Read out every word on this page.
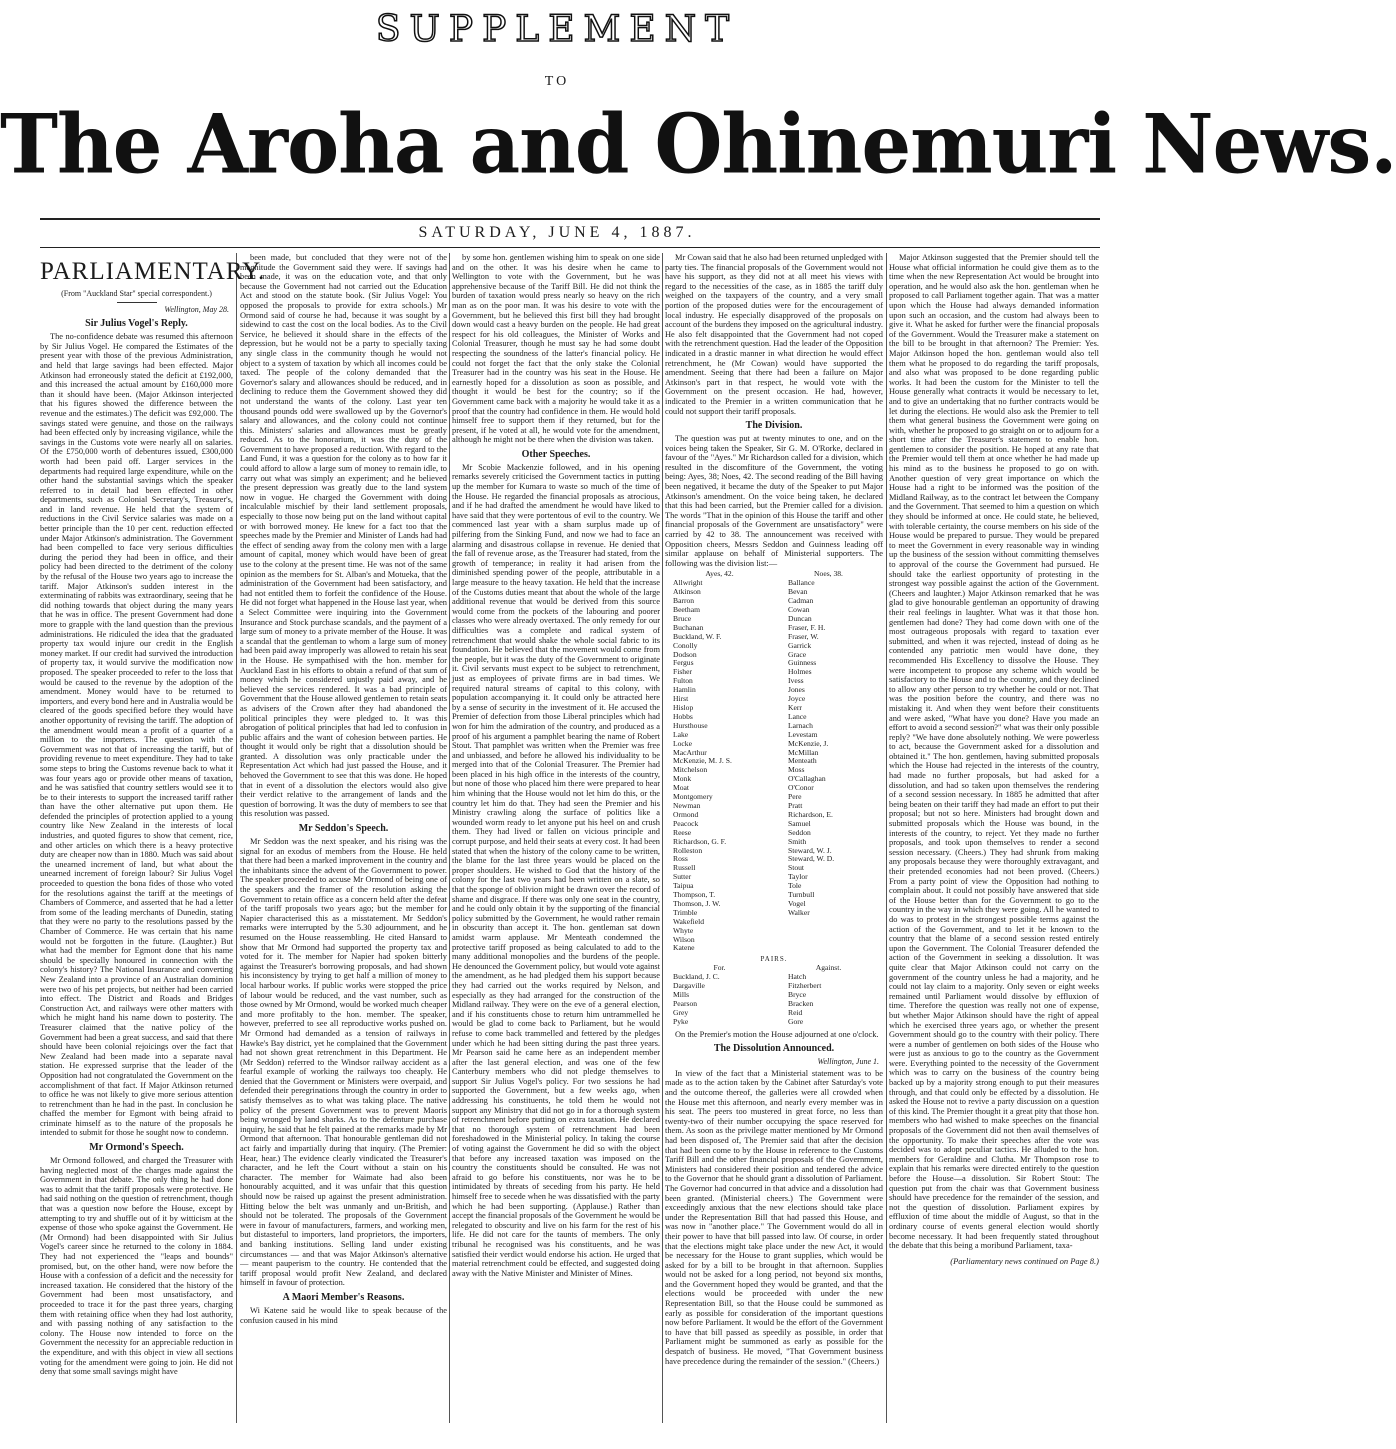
SUPPLEMENT
TO
The Aroha and Ohinemuri News.
SATURDAY, JUNE 4, 1887.
PARLIAMENTARY.
(From "Auckland Star" special correspondent.)
Wellington, May 28.
Sir Julius Vogel's Reply.

The no-confidence debate was resumed this afternoon by Sir Julius Vogel. He compared the Estimates of the present year with those of the previous Administration, and held that large savings had been effected. Major Atkinson had erroneously stated the deficit at £192,000, and this increased the actual amount by £160,000 more than it should have been. (Major Atkinson interjected that his figures showed the difference between the revenue and the estimates.) The deficit was £92,000. The savings stated were genuine, and those on the railways had been effected only by increasing vigilance, while the savings in the Customs vote were nearly all on salaries. Of the £750,000 worth of debentures issued, £300,000 worth had been paid off. Larger services in the departments had required large expenditure, while on the other hand the substantial savings which the speaker referred to in detail had been effected in other departments, such as Colonial Secretary's, Treasurer's, and in land revenue. He held that the system of reductions in the Civil Service salaries was made on a better principle than the 10 per cent. reduction effected under Major Atkinson's administration. The Government had been compelled to face very serious difficulties during the period they had been in office, and their policy had been directed to the detriment of the colony by the refusal of the House two years ago to increase the tariff. Major Atkinson's sudden interest in the exterminating of rabbits was extraordinary, seeing that he did nothing towards that object during the many years that he was in office. The present Government had done more to grapple with the land question than the previous administrations. He ridiculed the idea that the graduated property tax would injure our credit in the English money market. If our credit had survived the introduction of property tax, it would survive the modification now proposed. The speaker proceeded to refer to the loss that would be caused to the revenue by the adoption of the amendment. Money would have to be returned to importers, and every bond here and in Australia would be cleared of the goods specified before they would have another opportunity of revising the tariff. The adoption of the amendment would mean a profit of a quarter of a million to the importers. The question with the Government was not that of increasing the tariff, but of providing revenue to meet expenditure. They had to take some steps to bring the Customs revenue back to what it was four years ago or provide other means of taxation, and he was satisfied that country settlers would see it to be to their interests to support the increased tariff rather than have the other alternative put upon them. He defended the principles of protection applied to a young country like New Zealand in the interests of local industries, and quoted figures to show that cement, rice, and other articles on which there is a heavy protective duty are cheaper now than in 1880. Much was said about the unearned increment of land, but what about the unearned increment of foreign labour? Sir Julius Vogel proceeded to question the bona fides of those who voted for the resolutions against the tariff at the meetings of Chambers of Commerce, and asserted that he had a letter from some of the leading merchants of Dunedin, stating that they were no party to the resolutions passed by the Chamber of Commerce. He was certain that his name would not be forgotten in the future. (Laughter.) But what had the member for Egmont done that his name should be specially honoured in connection with the colony's history? The National Insurance and converting New Zealand into a province of an Australian dominion were two of his pet projects, but neither had been carried into effect. The District and Roads and Bridges Construction Act, and railways were other matters with which he might hand his name down to posterity. The Treasurer claimed that the native policy of the Government had been a great success, and said that there should have been colonial rejoicings over the fact that New Zealand had been made into a separate naval station. He expressed surprise that the leader of the Opposition had not congratulated the Government on the accomplishment of that fact. If Major Atkinson returned to office he was not likely to give more serious attention to retrenchment than he had in the past. In conclusion he chaffed the member for Egmont with being afraid to criminate himself as to the nature of the proposals he intended to submit for those he sought now to condemn.

Mr Ormond's Speech.

Mr Ormond followed, and charged the Treasurer with having neglected most of the charges made against the Government in that debate. The only thing he had done was to admit that the tariff proposals were protective. He had said nothing on the question of retrenchment, though that was a question now before the House, except by attempting to try and shuffle out of it by witticism at the expense of those who spoke against the Government. He (Mr Ormond) had been disappointed with Sir Julius Vogel's career since he returned to the colony in 1884. They had not experienced the "leaps and bounds" promised, but, on the other hand, were now before the House with a confession of a deficit and the necessity for increased taxation. He considered that the history of the Government had been most unsatisfactory, and proceeded to trace it for the past three years, charging them with retaining office when they had lost authority, and with passing nothing of any satisfaction to the colony. The House now intended to force on the Government the necessity for an appreciable reduction in the expenditure, and with this object in view all sections voting for the amendment were going to join. He did not deny that some small savings might have

been made, but concluded that they were not of the magnitude the Government said they were. If savings had been made, it was on the education vote, and that only because the Government had not carried out the Education Act and stood on the statute book. (Sir Julius Vogel: You opposed the proposals to provide for extra schools.) Mr Ormond said of course he had, because it was sought by a sidewind to cast the cost on the local bodies. As to the Civil Service, he believed it should share in the effects of the depression, but he would not be a party to specially taxing any single class in the community though he would not object to a system of taxation by which all incomes could be taxed. The people of the colony demanded that the Governor's salary and allowances should be reduced, and in declining to reduce them the Government showed they did not understand the wants of the colony. Last year ten thousand pounds odd were swallowed up by the Governor's salary and allowances, and the colony could not continue this. Ministers' salaries and allowances must be greatly reduced. As to the honorarium, it was the duty of the Government to have proposed a reduction. With regard to the Land Fund, it was a question for the colony as to how far it could afford to allow a large sum of money to remain idle, to carry out what was simply an experiment; and he believed the present depression was greatly due to the land system now in vogue. He charged the Government with doing incalculable mischief by their land settlement proposals, especially to those now being put on the land without capital or with borrowed money. He knew for a fact too that the speeches made by the Premier and Minister of Lands had had the effect of sending away from the colony men with a large amount of capital, money which would have been of great use to the colony at the present time. He was not of the same opinion as the members for St. Alban's and Motueka, that the administration of the Government had been satisfactory, and had not entitled them to forfeit the confidence of the House. He did not forget what happened in the House last year, when a Select Committee were inquiring into the Government Insurance and Stock purchase scandals, and the payment of a large sum of money to a private member of the House. It was a scandal that the gentleman to whom a large sum of money had been paid away improperly was allowed to retain his seat in the House. He sympathised with the hon. member for Auckland East in his efforts to obtain a refund of that sum of money which he considered unjustly paid away, and he believed the services rendered. It was a bad principle of Government that the House allowed gentlemen to retain seats as advisers of the Crown after they had abandoned the political principles they were pledged to. It was this abrogation of political principles that had led to confusion in public affairs and the want of cohesion between parties. He thought it would only be right that a dissolution should be granted. A dissolution was only practicable under the Representation Act which had just passed the House, and it behoved the Government to see that this was done. He hoped that in event of a dissolution the electors would also give their verdict relative to the arrangement of lands and the question of borrowing. It was the duty of members to see that this resolution was passed.

Mr Seddon's Speech.

Mr Seddon was the next speaker, and his rising was the signal for an exodus of members from the House. He held that there had been a marked improvement in the country and the inhabitants since the advent of the Government to power. The speaker proceeded to accuse Mr Ormond of being one of the speakers and the framer of the resolution asking the Government to retain office as a concern held after the defeat of the tariff proposals two years ago; but the member for Napier characterised this as a misstatement. Mr Seddon's remarks were interrupted by the 5.30 adjournment, and he resumed on the House reassembling. He cited Hansard to show that Mr Ormond had supported the property tax and voted for it. The member for Napier had spoken bitterly against the Treasurer's borrowing proposals, and had shown his inconsistency by trying to get half a million of money to local harbour works. If public works were stopped the price of labour would be reduced, and the vast number, such as those owned by Mr Ormond, would be worked much cheaper and more profitably to the hon. member. The speaker, however, preferred to see all reproductive works pushed on. Mr Ormond had demanded as a tension of railways in Hawke's Bay district, yet he complained that the Government had not shown great retrenchment in this Department. He (Mr Seddon) referred to the Windsor railway accident as a fearful example of working the railways too cheaply. He denied that the Government or Ministers were overpaid, and defended their peregrinations through the country in order to satisfy themselves as to what was taking place. The native policy of the present Government was to prevent Maoris being wronged by land sharks. As to the defenture purchase inquiry, he said that he felt pained at the remarks made by Mr Ormond that afternoon. That honourable gentleman did not act fairly and impartially during that inquiry. (The Premier: Hear, hear.) The evidence clearly vindicated the Treasurer's character, and he left the Court without a stain on his character. The member for Waimate had also been honourably acquitted, and it was unfair that this question should now be raised up against the present administration. Hitting below the belt was unmanly and un-British, and should not be tolerated. The proposals of the Government were in favour of manufacturers, farmers, and working men, but distasteful to importers, land proprietors, the importers, and banking institutions. Selling land under existing circumstances — and that was Major Atkinson's alternative — meant pauperism to the country. He contended that the tariff proposal would profit New Zealand, and declared himself in favour of protection.

A Maori Member's Reasons.

Wi Katene said he would like to speak because of the confusion caused in his mind

by some hon. gentlemen wishing him to speak on one side and on the other. It was his desire when he came to Wellington to vote with the Government, but he was apprehensive because of the Tariff Bill. He did not think the burden of taxation would press nearly so heavy on the rich man as on the poor man. It was his desire to vote with the Government, but he believed this first bill they had brought down would cast a heavy burden on the people. He had great respect for his old colleagues, the Minister of Works and Colonial Treasurer, though he must say he had some doubt respecting the soundness of the latter's financial policy. He could not forget the fact that the only stake the Colonial Treasurer had in the country was his seat in the House. He earnestly hoped for a dissolution as soon as possible, and thought it would be best for the country; so if the Government came back with a majority he would take it as a proof that the country had confidence in them. He would hold himself free to support them if they returned, but for the present, if he voted at all, he would vote for the amendment, although he might not be there when the division was taken.

Other Speeches.

Mr Scobie Mackenzie followed, and in his opening remarks severely criticised the Government tactics in putting up the member for Kumara to waste so much of the time of the House. He regarded the financial proposals as atrocious, and if he had drafted the amendment he would have liked to have said that they were portentous of evil to the country. We commenced last year with a sham surplus made up of pilfering from the Sinking Fund, and now we had to face an alarming and disastrous collapse in revenue. He denied that the fall of revenue arose, as the Treasurer had stated, from the growth of temperance; in reality it had arisen from the diminished spending power of the people, attributable in a large measure to the heavy taxation. He held that the increase of the Customs duties meant that about the whole of the large additional revenue that would be derived from this source would come from the pockets of the labouring and poorer classes who were already overtaxed. The only remedy for our difficulties was a complete and radical system of retrenchment that would shake the whole social fabric to its foundation. He believed that the movement would come from the people, but it was the duty of the Government to originate it. Civil servants must expect to be subject to retrenchment, just as employees of private firms are in bad times. We required natural streams of capital to this colony, with population accompanying it. It could only be attracted here by a sense of security in the investment of it. He accused the Premier of defection from those Liberal principles which had won for him the admiration of the country, and produced as a proof of his argument a pamphlet bearing the name of Robert Stout. That pamphlet was written when the Premier was free and unbiassed, and before he allowed his individuality to be merged into that of the Colonial Treasurer. The Premier had been placed in his high office in the interests of the country, but none of those who placed him there were prepared to hear him whining that the House would not let him do this, or the country let him do that. They had seen the Premier and his Ministry crawling along the surface of politics like a wounded worm ready to let anyone put his heel on and crush them. They had lived or fallen on vicious principle and corrupt purpose, and held their seats at every cost. It had been stated that when the history of the colony came to be written, the blame for the last three years would be placed on the proper shoulders. He wished to God that the history of the colony for the last two years had been written on a slate, so that the sponge of oblivion might be drawn over the record of shame and disgrace. If there was only one seat in the country, and he could only obtain it by the supporting of the financial policy submitted by the Government, he would rather remain in obscurity than accept it. The hon. gentleman sat down amidst warm applause. Mr Menteath condemned the protective tariff proposed as being calculated to add to the many additional monopolies and the burdens of the people. He denounced the Government policy, but would vote against the amendment, as he had pledged them his support because they had carried out the works required by Nelson, and especially as they had arranged for the construction of the Midland railway. They were on the eve of a general election, and if his constituents chose to return him untrammelled he would be glad to come back to Parliament, but he would refuse to come back trammelled and fettered by the pledges under which he had been sitting during the past three years. Mr Pearson said he came here as an independent member after the last general election, and was one of the few Canterbury members who did not pledge themselves to support Sir Julius Vogel's policy. For two sessions he had supported the Government, but a few weeks ago, when addressing his constituents, he told them he would not support any Ministry that did not go in for a thorough system of retrenchment before putting on extra taxation. He declared that no thorough system of retrenchment had been foreshadowed in the Ministerial policy. In taking the course of voting against the Government he did so with the object that before any increased taxation was imposed on the country the constituents should be consulted. He was not afraid to go before his constituents, nor was he to be intimidated by threats of seceding from his party. He held himself free to secede when he was dissatisfied with the party which he had been supporting. (Applause.) Rather than accept the financial proposals of the Government he would be relegated to obscurity and live on his farm for the rest of his life. He did not care for the taunts of members. The only tribunal he recognised was his constituents, and he was satisfied their verdict would endorse his action. He urged that material retrenchment could be effected, and suggested doing away with the Native Minister and Minister of Mines.

Mr Cowan said that he also had been returned unpledged with party ties. The financial proposals of the Government would not have his support, as they did not at all meet his views with regard to the necessities of the case, as in 1885 the tariff duly weighed on the taxpayers of the country, and a very small portion of the proposed duties were for the encouragement of local industry. He especially disapproved of the proposals on account of the burdens they imposed on the agricultural industry. He also felt disappointed that the Government had not coped with the retrenchment question. Had the leader of the Opposition indicated in a drastic manner in what direction he would effect retrenchment, he (Mr Cowan) would have supported the amendment. Seeing that there had been a failure on Major Atkinson's part in that respect, he would vote with the Government on the present occasion. He had, however, indicated to the Premier in a written communication that he could not support their tariff proposals.

The Division.

The question was put at twenty minutes to one, and on the voices being taken the Speaker, Sir G. M. O'Rorke, declared in favour of the "Ayes." Mr Richardson called for a division, which resulted in the discomfiture of the Government, the voting being: Ayes, 38; Noes, 42. The second reading of the Bill having been negatived, it became the duty of the Speaker to put Major Atkinson's amendment. On the voice being taken, he declared that this had been carried, but the Premier called for a division. The words "That in the opinion of this House the tariff and other financial proposals of the Government are unsatisfactory" were carried by 42 to 38. The announcement was received with Opposition cheers, Messrs Seddon and Guinness leading off similar applause on behalf of Ministerial supporters. The following was the division list:—

Ayes, 42.	Noes, 38.
Allwright	Ballance
Atkinson	Bevan
Barron	Cadman
Beetham	Cowan
Bruce	Duncan
Buchanan	Fraser, F. H.
Buckland, W. F.	Fraser, W.
Conolly	Garrick
Dodson	Grace
Fergus	Guinness
Fisher	Holmes
Fulton	Ivess
Hamlin	Jones
Hirst	Joyce
Hislop	Kerr
Hobbs	Lance
Hursthouse	Larnach
Lake	Levestam
Locke	McKenzie, J.
MacArthur	McMillan
McKenzie, M. J. S.	Menteath
Mitchelson	Moss
Monk	O'Callaghan
Moat	O'Conor
Montgomery	Pere
Newman	Pratt
Ormond	Richardson, E.
Peacock	Samuel
Reese	Seddon
Richardson, G. F.	Smith
Rolleston	Steward, W. J.
Ross	Steward, W. D.
Russell	Stout
Sutter	Taylor
Taipua	Tole
Thompson, T.	Turnbull
Thomson, J. W.	Vogel
Trimble	Walker
Wakefield
Whyte
Wilson
Katene
PAIRS.
For.	Against.
Buckland, J. C.	Hatch
Dargaville	Fitzherbert
Mills	Bryce
Pearson	Bracken
Grey	Reid
Pyke	Gore

On the Premier's motion the House adjourned at one o'clock.

The Dissolution Announced.
Wellington, June 1.

In view of the fact that a Ministerial statement was to be made as to the action taken by the Cabinet after Saturday's vote and the outcome thereof, the galleries were all crowded when the House met this afternoon, and nearly every member was in his seat. The peers too mustered in great force, no less than twenty-two of their number occupying the space reserved for them. As soon as the privilege matter mentioned by Mr Ormond had been disposed of, The Premier said that after the decision that had been come to by the House in reference to the Customs Tariff Bill and the other financial proposals of the Government, Ministers had considered their position and tendered the advice to the Governor that he should grant a dissolution of Parliament. The Governor had concurred in that advice and a dissolution had been granted. (Ministerial cheers.) The Government were exceedingly anxious that the new elections should take place under the Representation Bill that had passed this House, and was now in "another place." The Government would do all in their power to have that bill passed into law. Of course, in order that the elections might take place under the new Act, it would be necessary for the House to grant supplies, which would be asked for by a bill to be brought in that afternoon. Supplies would not be asked for a long period, not beyond six months, and the Government hoped they would be granted, and that the elections would be proceeded with under the new Representation Bill, so that the House could be summoned as early as possible for consideration of the important questions now before Parliament. It would be the effort of the Government to have that bill passed as speedily as possible, in order that Parliament might be summoned as early as possible for the despatch of business. He moved, "That Government business have precedence during the remainder of the session." (Cheers.)

Major Atkinson suggested that the Premier should tell the House what official information he could give them as to the time when the new Representation Act would be brought into operation, and he would also ask the hon. gentleman when he proposed to call Parliament together again. That was a matter upon which the House had always demanded information upon such an occasion, and the custom had always been to give it. What he asked for further were the financial proposals of the Government. Would the Treasurer make a statement on the bill to be brought in that afternoon? The Premier: Yes. Major Atkinson hoped the hon. gentleman would also tell them what he proposed to do regarding the tariff proposals, and also what was proposed to be done regarding public works. It had been the custom for the Minister to tell the House generally what contracts it would be necessary to let, and to give an undertaking that no further contracts would be let during the elections. He would also ask the Premier to tell them what general business the Government were going on with, whether he proposed to go straight on or to adjourn for a short time after the Treasurer's statement to enable hon. gentlemen to consider the position. He hoped at any rate that the Premier would tell them at once whether he had made up his mind as to the business he proposed to go on with. Another question of very great importance on which the House had a right to be informed was the position of the Midland Railway, as to the contract let between the Company and the Government. That seemed to him a question on which they should be informed at once. He could state, he believed, with tolerable certainty, the course members on his side of the House would be prepared to pursue. They would be prepared to meet the Government in every reasonable way in winding up the business of the session without committing themselves to approval of the course the Government had pursued. He should take the earliest opportunity of protesting in the strongest way possible against the action of the Government. (Cheers and laughter.) Major Atkinson remarked that he was glad to give honourable gentleman an opportunity of drawing their real feelings in laughter. What was it that those hon. gentlemen had done? They had come down with one of the most outrageous proposals with regard to taxation ever submitted, and when it was rejected, instead of doing as he contended any patriotic men would have done, they recommended His Excellency to dissolve the House. They were incompetent to propose any scheme which would be satisfactory to the House and to the country, and they declined to allow any other person to try whether he could or not. That was the position before the country, and there was no mistaking it. And when they went before their constituents and were asked, "What have you done? Have you made an effort to avoid a second session?" what was their only possible reply? "We have done absolutely nothing. We were powerless to act, because the Government asked for a dissolution and obtained it." The hon. gentlemen, having submitted proposals which the House had rejected in the interests of the country, had made no further proposals, but had asked for a dissolution, and had so taken upon themselves the rendering of a second session necessary. In 1885 he admitted that after being beaten on their tariff they had made an effort to put their proposal; but not so here. Ministers had brought down and submitted proposals which the House was bound, in the interests of the country, to reject. Yet they made no further proposals, and took upon themselves to render a second session necessary. (Cheers.) They had shrunk from making any proposals because they were thoroughly extravagant, and their pretended economies had not been proved. (Cheers.) From a party point of view the Opposition had nothing to complain about. It could not possibly have answered that side of the House better than for the Government to go to the country in the way in which they were going. All he wanted to do was to protest in the strongest possible terms against the action of the Government, and to let it be known to the country that the blame of a second session rested entirely upon the Government. The Colonial Treasurer defended the action of the Government in seeking a dissolution. It was quite clear that Major Atkinson could not carry on the government of the country unless he had a majority, and he could not lay claim to a majority. Only seven or eight weeks remained until Parliament would dissolve by effluxion of time. Therefore the question was really not one of expense, but whether Major Atkinson should have the right of appeal which he exercised three years ago, or whether the present Government should go to the country with their policy. There were a number of gentlemen on both sides of the House who were just as anxious to go to the country as the Government were. Everything pointed to the necessity of the Government which was to carry on the business of the country being backed up by a majority strong enough to put their measures through, and that could only be effected by a dissolution. He asked the House not to revive a party discussion on a question of this kind. The Premier thought it a great pity that those hon. members who had wished to make speeches on the financial proposals of the Government did not then avail themselves of the opportunity. To make their speeches after the vote was decided was to adopt peculiar tactics. He alluded to the hon. members for Geraldine and Clutha. Mr Thompson rose to explain that his remarks were directed entirely to the question before the House—a dissolution. Sir Robert Stout: The question put from the chair was that Government business should have precedence for the remainder of the session, and not the question of dissolution. Parliament expires by effluxion of time about the middle of August, so that in the ordinary course of events general election would shortly become necessary. It had been frequently stated throughout the debate that this being a moribund Parliament, taxa-

(Parliamentary news continued on Page 8.)
